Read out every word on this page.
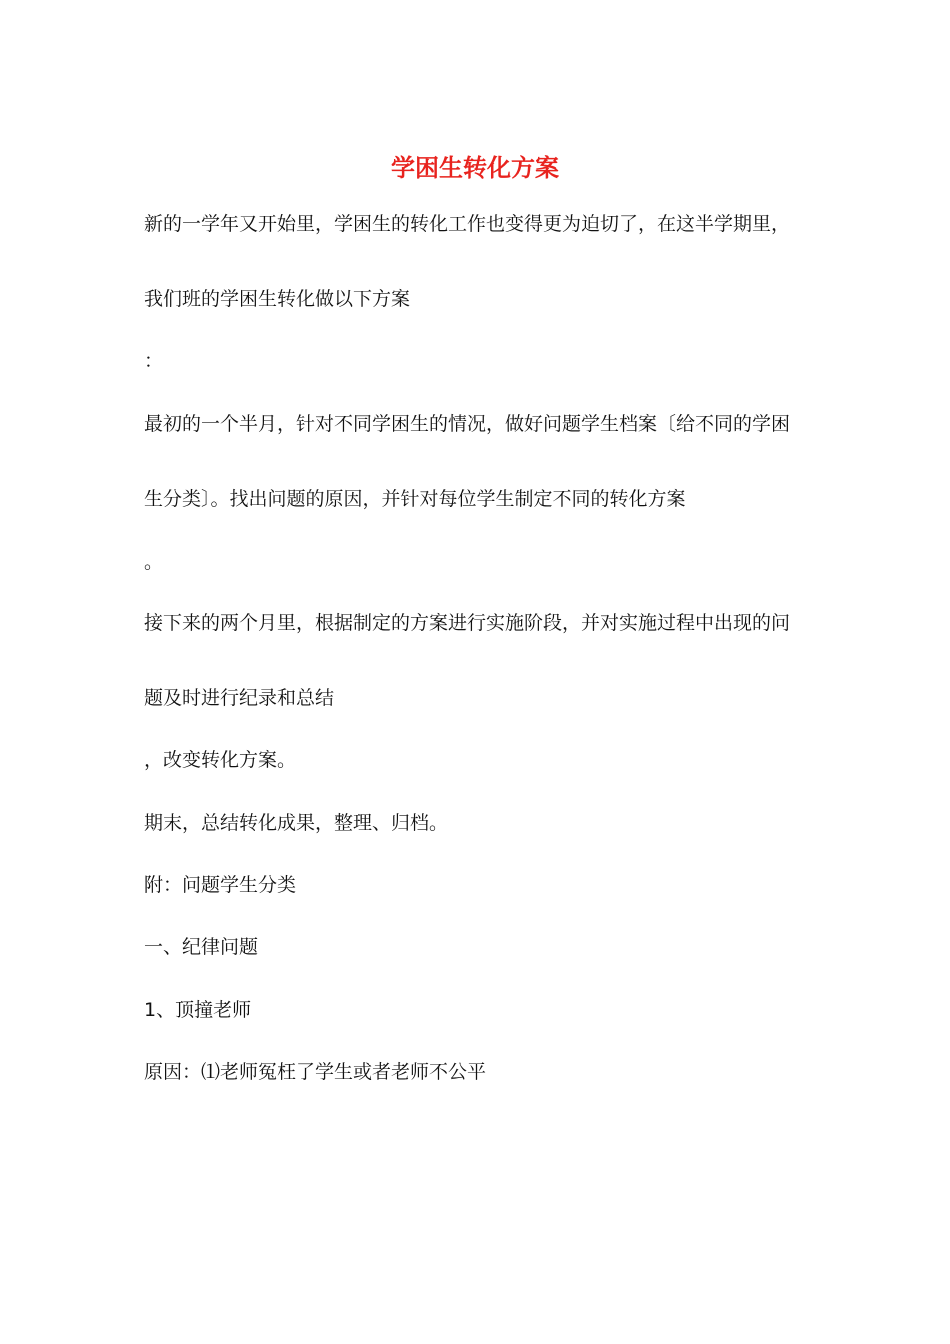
学困生转化方案
新的一学年又开始里，学困生的转化工作也变得更为迫切了，在这半学期里，
我们班的学困生转化做以下方案
：
最初的一个半月，针对不同学困生的情况，做好问题学生档案〔给不同的学困
生分类〕。找出问题的原因，并针对每位学生制定不同的转化方案
。
接下来的两个月里，根据制定的方案进行实施阶段，并对实施过程中出现的问
题及时进行纪录和总结
，改变转化方案。
期末，总结转化成果，整理、归档。
附：问题学生分类
一、纪律问题
1、顶撞老师
原因：⑴老师冤枉了学生或者老师不公平
